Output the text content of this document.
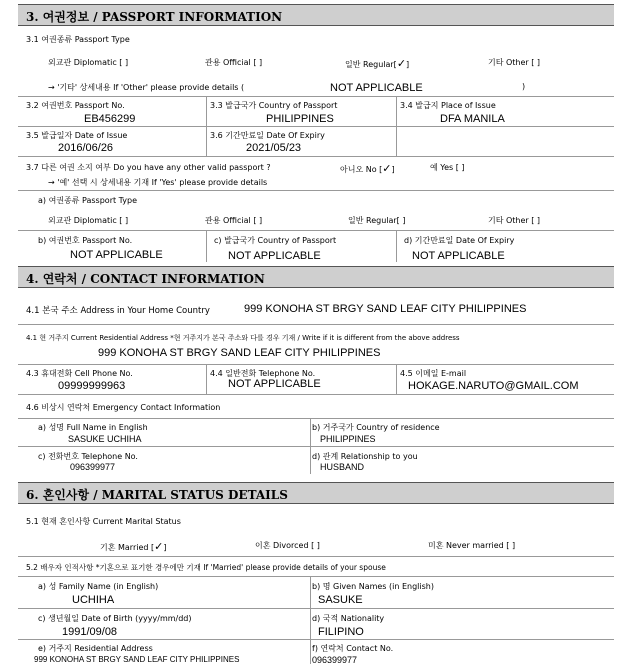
3. 여권정보 / PASSPORT INFORMATION
3.1 여권종류 Passport Type
외교관 Diplomatic [ ]	관용 Official [ ]	일반 Regular[✓]	기타 Other [ ]
→ '기타' 상세내용 If 'Other' please provide details (	NOT APPLICABLE	)
3.2 여권번호 Passport No.
EB456299
3.3 발급국가 Country of Passport
PHILIPPINES
3.4 발급지 Place of Issue
DFA MANILA
3.5 발급일자 Date of Issue
2016/06/26
3.6 기간만료일 Date Of Expiry
2021/05/23
3.7 다른 여권 소지 여부 Do you have any other valid passport ?	아니오 No [✓]	예 Yes [ ]
→ '예' 선택 시 상세내용 기재 If 'Yes' please provide details
a) 여권종류 Passport Type
외교관 Diplomatic [ ]	관용 Official [ ]	일반 Regular[ ]	기타 Other [ ]
b) 여권번호 Passport No.
NOT APPLICABLE
c) 발급국가 Country of Passport
NOT APPLICABLE
d) 기간만료일 Date Of Expiry
NOT APPLICABLE
4. 연락처 / CONTACT INFORMATION
4.1 본국 주소 Address in Your Home Country	999 KONOHA ST BRGY SAND LEAF CITY PHILIPPINES
4.1 현 거주지 Current Residential Address *현 거주지가 본국 주소와 다를 경우 기재 / Write if it is different from the above address
999 KONOHA ST BRGY SAND LEAF CITY PHILIPPINES
4.3 휴대전화 Cell Phone No.
09999999963
4.4 일반전화 Telephone No.
NOT APPLICABLE
4.5 이메일 E-mail
HOKAGE.NARUTO@GMAIL.COM
4.6 비상시 연락처 Emergency Contact Information
a) 성명 Full Name in English
SASUKE UCHIHA
b) 거주국가 Country of residence
PHILIPPINES
c) 전화번호 Telephone No.
096399977
d) 관계 Relationship to you
HUSBAND
6. 혼인사항 / MARITAL STATUS DETAILS
5.1 현재 혼인사항 Current Marital Status
기혼 Married [✓]	이혼 Divorced [ ]	미혼 Never married [ ]
5.2 배우자 인적사항 *기혼으로 표기한 경우에만 기재 If 'Married' please provide details of your spouse
a) 성 Family Name (in English)
UCHIHA
b) 명 Given Names (in English)
SASUKE
c) 생년월일 Date of Birth (yyyy/mm/dd)
1991/09/08
d) 국적 Nationality
FILIPINO
e) 거주지 Residential Address
999 KONOHA ST BRGY SAND LEAF CITY PHILIPPINES
f) 연락처 Contact No.
096399977
